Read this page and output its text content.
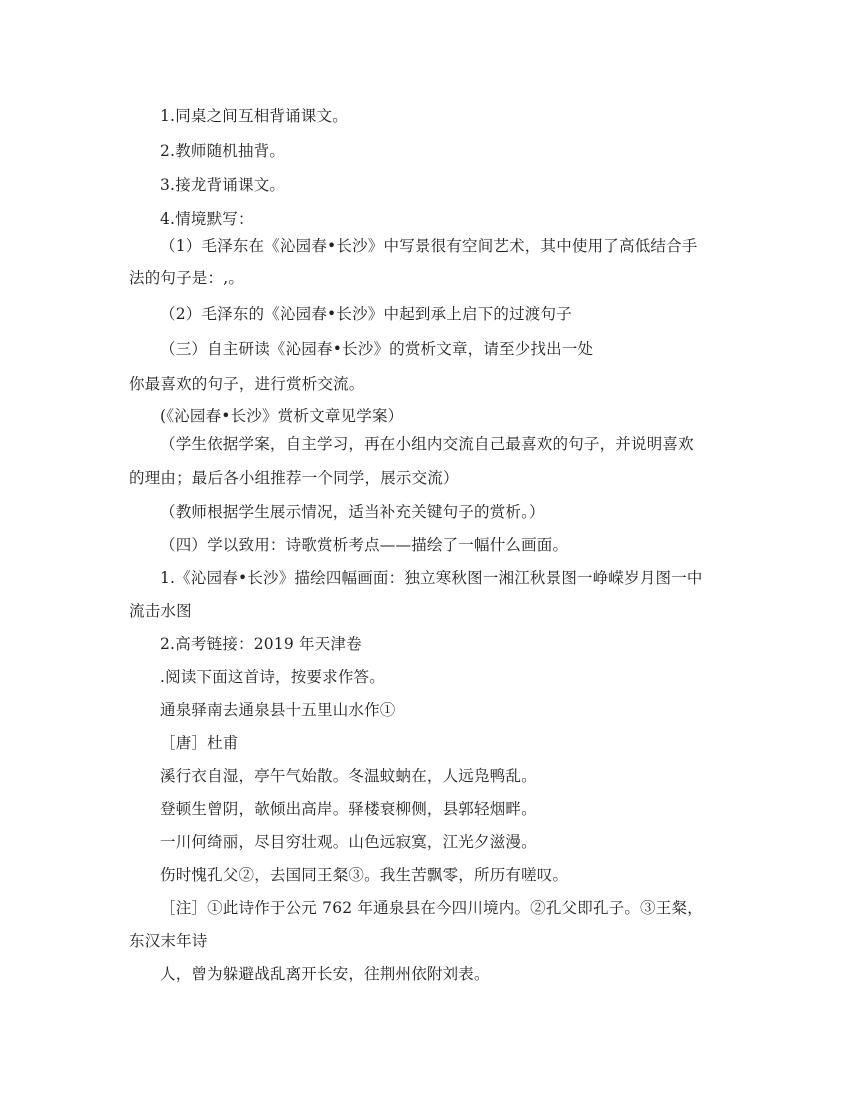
1.同桌之间互相背诵课文。
2.教师随机抽背。
3.接龙背诵课文。
4.情境默写：
（1）毛泽东在《沁园春•长沙》中写景很有空间艺术，其中使用了高低结合手
法的句子是：,。
（2）毛泽东的《沁园春•长沙》中起到承上启下的过渡句子
（三）自主研读《沁园春•长沙》的赏析文章，请至少找出一处
你最喜欢的句子，进行赏析交流。
(《沁园春•长沙》赏析文章见学案）
（学生依据学案，自主学习，再在小组内交流自己最喜欢的句子，并说明喜欢
的理由；最后各小组推荐一个同学，展示交流）
（教师根据学生展示情况，适当补充关键句子的赏析。）
（四）学以致用：诗歌赏析考点——描绘了一幅什么画面。
1.《沁园春•长沙》描绘四幅画面：独立寒秋图一湘江秋景图一峥嵘岁月图一中
流击水图
2.高考链接：2019 年天津卷
.阅读下面这首诗，按要求作答。
通泉驿南去通泉县十五里山水作①
［唐］杜甫
溪行衣自湿，亭午气始散。冬温蚊蚋在，人远凫鸭乱。
登顿生曾阴，欹倾出高岸。驿楼衰柳侧，县郭轻烟畔。
一川何绮丽，尽目穷壮观。山色远寂寞，江光夕滋漫。
伤时愧孔父②，去国同王粲③。我生苦飘零，所历有嗟叹。
［注］①此诗作于公元 762 年通泉县在今四川境内。②孔父即孔子。③王粲，
东汉末年诗
人，曾为躲避战乱离开长安，往荆州依附刘表。
